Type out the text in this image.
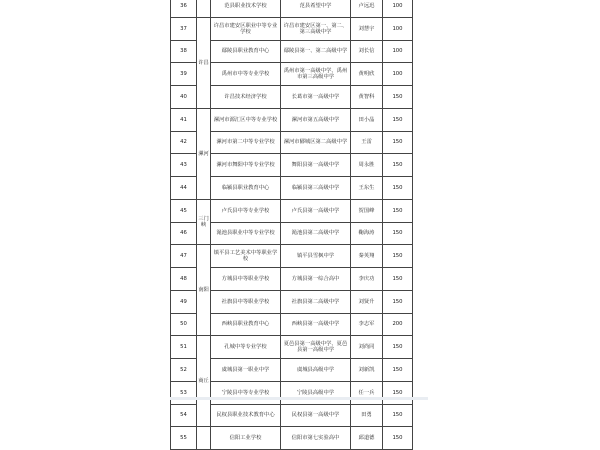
36		范县职业技术学校	范县希望中学	卢远迅	100
37	许昌	许昌市建安区职业中等专业学校	许昌市建安区第一、第二、第三高级中学	刘慧宇	100
38		鄢陵县职业教育中心	鄢陵县第一、第二高级中学	刘长信	100
39		禹州市中等专业学校	禹州市第一高级中学、禹州市第三高级中学	黄明欣	100
40		许昌技术经济学校	长葛市第一高级中学	黄智科	150
41	漯河	漯河市源汇区中等专业学校	漯河市第五高级中学	田小晶	150
42		漯河市第二中等专业学校	漯河市郾城区第二高级中学	王雷	150
43		漯河市舞阳中等专业学校	舞阳县第一高级中学	周永胜	150
44		临颍县职业教育中心	临颍县第三高级中学	王东生	150
45	三门峡	卢氏县中等专业学校	卢氏县第一高级中学	贺国峰	150
46		渑池县职业中等专业学校	渑池县第二高级中学	鞠海涛	150
47	南阳	镇平县工艺美术中等职业学校	镇平县雪枫中学	秦英翔	150
48		方城县中等职业学校	方城县第一综合高中	李庆功	150
49		社旗县中等职业学校	社旗县第二高级中学	刘贤升	150
50		西峡县职业教育中心	西峡县第一高级中学	李志军	200
51	商丘	孔城中等专业学校	夏邑县第一高级中学、夏邑县第一高级中学	刘尚同	150
52		虞城县第一职业中学	虞城县高级中学	刘新凯	150
53		宁陵县中等专业学校	宁陵县高级中学	任一兵	150
54		民权县职业技术教育中心	民权县第一高级中学	田勇	150
55		信阳工业学校	信阳市第七实验高中	邱道德	150
